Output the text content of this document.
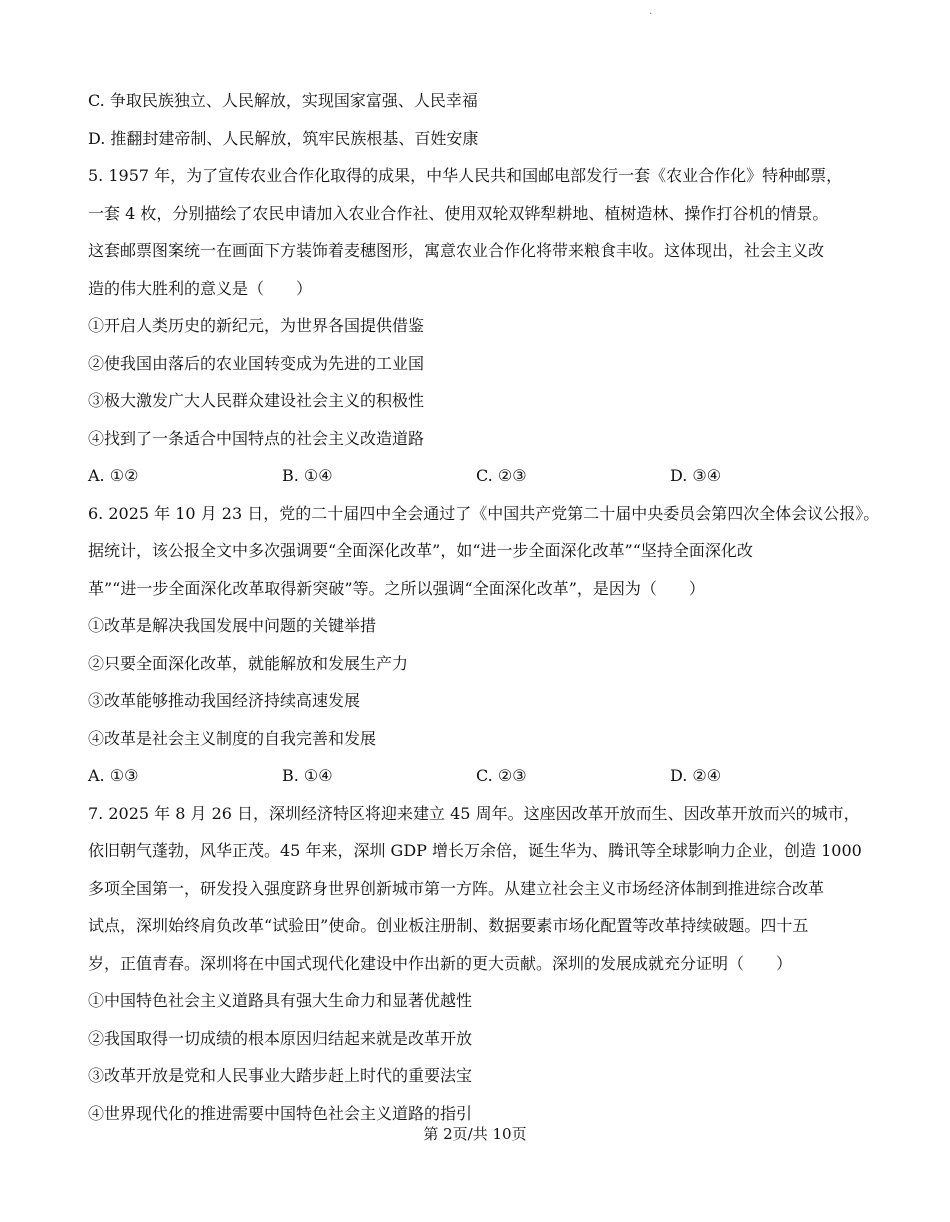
.
C. 争取民族独立、人民解放，实现国家富强、人民幸福
D. 推翻封建帝制、人民解放，筑牢民族根基、百姓安康
5. 1957 年，为了宣传农业合作化取得的成果，中华人民共和国邮电部发行一套《农业合作化》特种邮票，
一套 4 枚，分别描绘了农民申请加入农业合作社、使用双轮双铧犁耕地、植树造林、操作打谷机的情景。
这套邮票图案统一在画面下方装饰着麦穗图形，寓意农业合作化将带来粮食丰收。这体现出，社会主义改
造的伟大胜利的意义是（　　）
①开启人类历史的新纪元，为世界各国提供借鉴
②使我国由落后的农业国转变成为先进的工业国
③极大激发广大人民群众建设社会主义的积极性
④找到了一条适合中国特点的社会主义改造道路
A. ①②	B. ①④	C. ②③	D. ③④
6. 2025 年 10 月 23 日，党的二十届四中全会通过了《中国共产党第二十届中央委员会第四次全体会议公报》。
据统计，该公报全文中多次强调要“全面深化改革”，如“进一步全面深化改革”“坚持全面深化改
革”“进一步全面深化改革取得新突破”等。之所以强调“全面深化改革”，是因为（　　）
①改革是解决我国发展中问题的关键举措
②只要全面深化改革，就能解放和发展生产力
③改革能够推动我国经济持续高速发展
④改革是社会主义制度的自我完善和发展
A. ①③	B. ①④	C. ②③	D. ②④
7. 2025 年 8 月 26 日，深圳经济特区将迎来建立 45 周年。这座因改革开放而生、因改革开放而兴的城市，
依旧朝气蓬勃，风华正茂。45 年来，深圳 GDP 增长万余倍，诞生华为、腾讯等全球影响力企业，创造 1000
多项全国第一，研发投入强度跻身世界创新城市第一方阵。从建立社会主义市场经济体制到推进综合改革
试点，深圳始终肩负改革“试验田”使命。创业板注册制、数据要素市场化配置等改革持续破题。四十五
岁，正值青春。深圳将在中国式现代化建设中作出新的更大贡献。深圳的发展成就充分证明（　　）
①中国特色社会主义道路具有强大生命力和显著优越性
②我国取得一切成绩的根本原因归结起来就是改革开放
③改革开放是党和人民事业大踏步赶上时代的重要法宝
④世界现代化的推进需要中国特色社会主义道路的指引
第 2页/共 10页
